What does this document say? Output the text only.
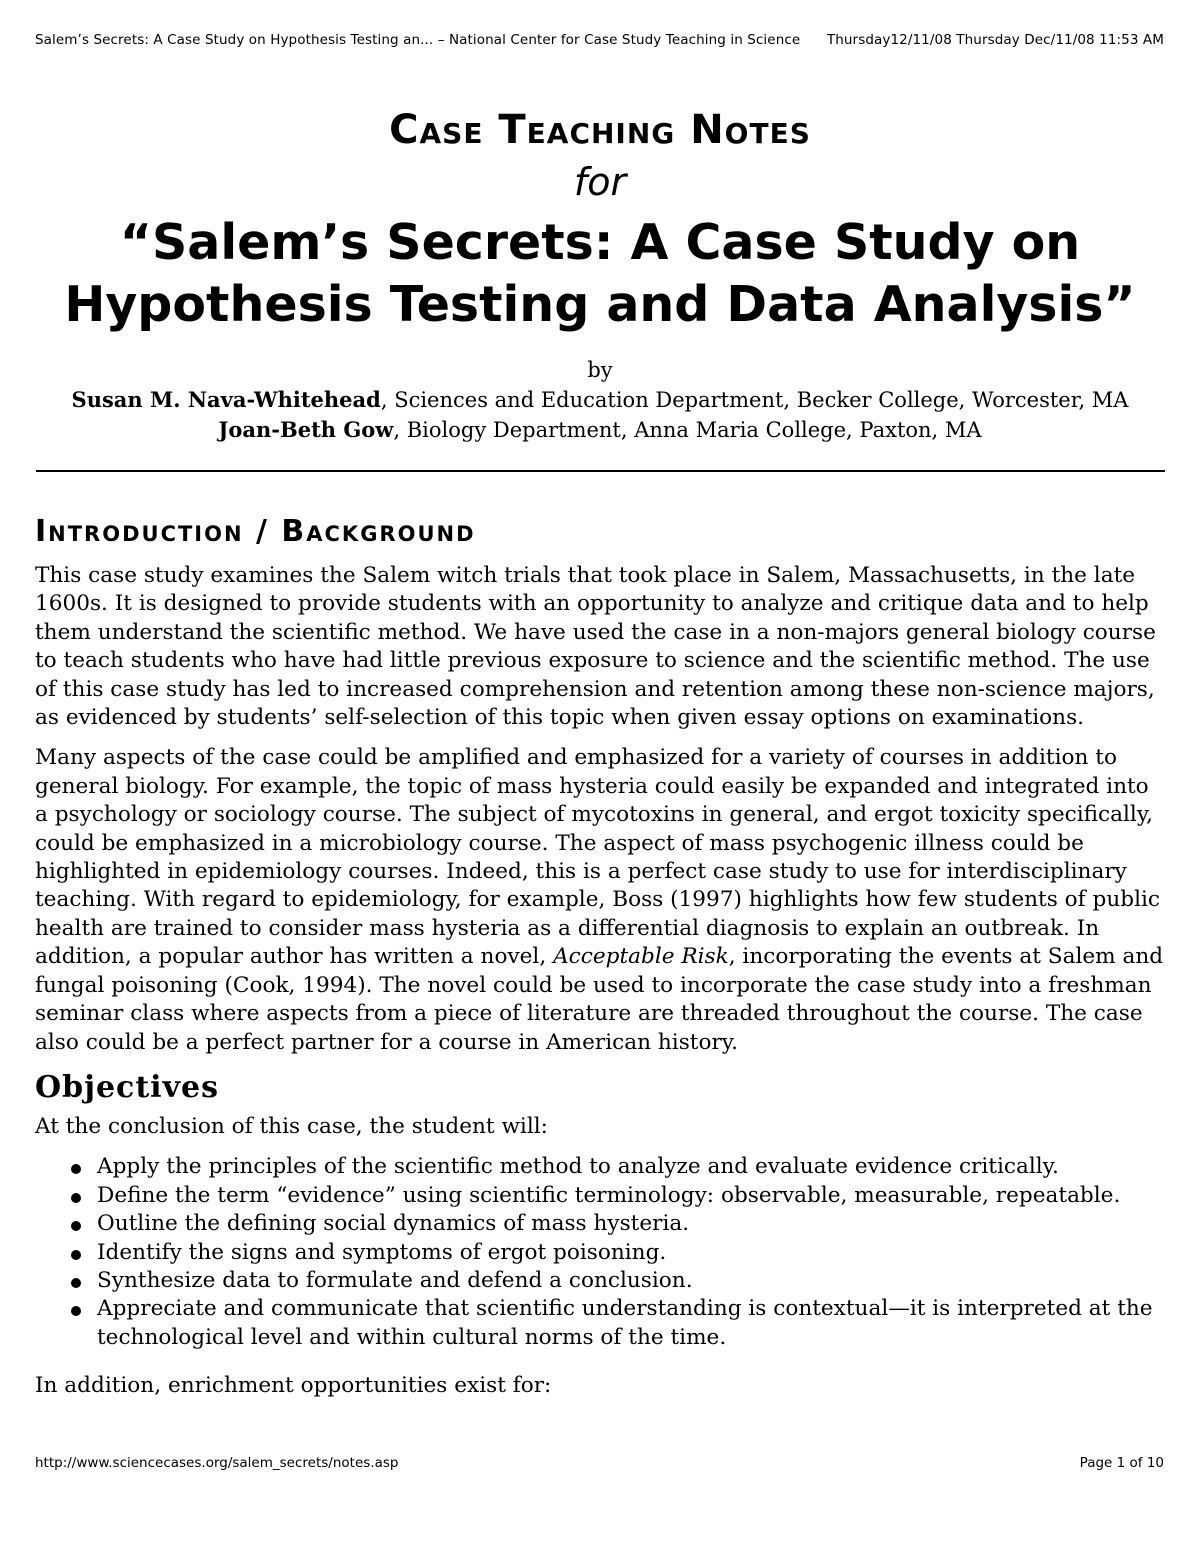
Salem’s Secrets: A Case Study on Hypothesis Testing an... – National Center for Case Study Teaching in Science Thursday12/11/08 Thursday Dec/11/08 11:53 AM
Case Teaching Notes
for
“Salem’s Secrets: A Case Study on
Hypothesis Testing and Data Analysis”
by
Susan M. Nava-Whitehead, Sciences and Education Department, Becker College, Worcester, MA
Joan-Beth Gow, Biology Department, Anna Maria College, Paxton, MA
Introduction / Background

This case study examines the Salem witch trials that took place in Salem, Massachusetts, in the late 1600s. It is designed to provide students with an opportunity to analyze and critique data and to help them understand the scientific method. We have used the case in a non-majors general biology course to teach students who have had little previous exposure to science and the scientific method. The use of this case study has led to increased comprehension and retention among these non-science majors, as evidenced by students’ self-selection of this topic when given essay options on examinations.

Many aspects of the case could be amplified and emphasized for a variety of courses in addition to general biology. For example, the topic of mass hysteria could easily be expanded and integrated into a psychology or sociology course. The subject of mycotoxins in general, and ergot toxicity specifically, could be emphasized in a microbiology course. The aspect of mass psychogenic illness could be highlighted in epidemiology courses. Indeed, this is a perfect case study to use for interdisciplinary teaching. With regard to epidemiology, for example, Boss (1997) highlights how few students of public health are trained to consider mass hysteria as a differential diagnosis to explain an outbreak. In addition, a popular author has written a novel, Acceptable Risk, incorporating the events at Salem and fungal poisoning (Cook, 1994). The novel could be used to incorporate the case study into a freshman seminar class where aspects from a piece of literature are threaded throughout the course. The case also could be a perfect partner for a course in American history.

Objectives

At the conclusion of this case, the student will:

Apply the principles of the scientific method to analyze and evaluate evidence critically.
Define the term “evidence” using scientific terminology: observable, measurable, repeatable.
Outline the defining social dynamics of mass hysteria.
Identify the signs and symptoms of ergot poisoning.
Synthesize data to formulate and defend a conclusion.
Appreciate and communicate that scientific understanding is contextual—it is interpreted at the technological level and within cultural norms of the time.

In addition, enrichment opportunities exist for:

http://www.sciencecases.org/salem_secrets/notes.asp	Page 1 of 10
